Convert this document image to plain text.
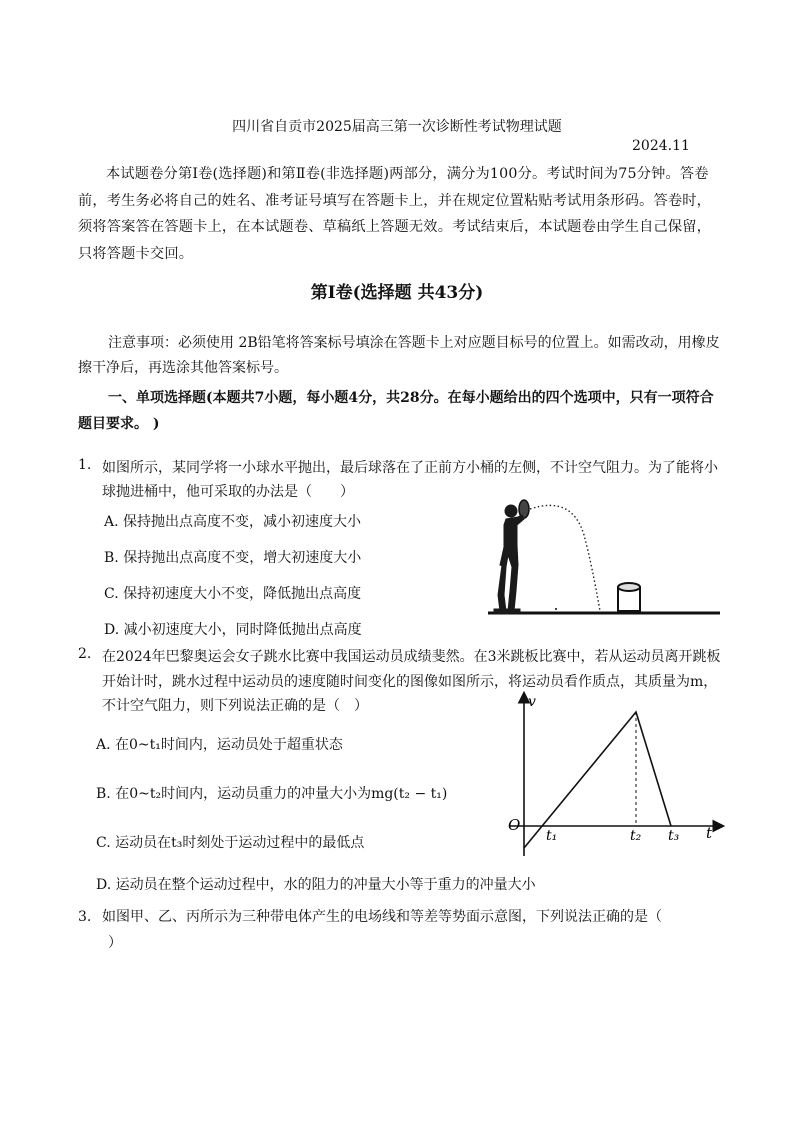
四川省自贡市2025届高三第一次诊断性考试物理试题
2024.11
本试题卷分第Ⅰ卷(选择题)和第Ⅱ卷(非选择题)两部分，满分为100分。考试时间为75分钟。答卷前，考生务必将自己的姓名、准考证号填写在答题卡上，并在规定位置粘贴考试用条形码。答卷时，须将答案答在答题卡上，在本试题卷、草稿纸上答题无效。考试结束后，本试题卷由学生自己保留，只将答题卡交回。
第Ⅰ卷(选择题 共43分)
注意事项：必须使用 2B铅笔将答案标号填涂在答题卡上对应题目标号的位置上。如需改动，用橡皮擦干净后，再选涂其他答案标号。
一、单项选择题(本题共7小题，每小题4分，共28分。在每小题给出的四个选项中，只有一项符合题目要求。 )
1. 如图所示，某同学将一小球水平抛出，最后球落在了正前方小桶的左侧，不计空气阻力。为了能将小球抛进桶中，他可采取的办法是（　　）
A. 保持抛出点高度不变，减小初速度大小
B. 保持抛出点高度不变，增大初速度大小
C. 保持初速度大小不变，降低抛出点高度
D. 减小初速度大小，同时降低抛出点高度
2. 在2024年巴黎奥运会女子跳水比赛中我国运动员成绩斐然。在3米跳板比赛中，若从运动员离开跳板开始计时，跳水过程中运动员的速度随时间变化的图像如图所示，将运动员看作质点，其质量为m，不计空气阻力，则下列说法正确的是（　）
A. 在0~t₁时间内，运动员处于超重状态
B. 在0~t₂时间内，运动员重力的冲量大小为mg(t₂ − t₁)
C. 运动员在t₃时刻处于运动过程中的最低点
D. 运动员在整个运动过程中，水的阻力的冲量大小等于重力的冲量大小
v
t
O
t₁	t₂ t₃
3. 如图甲、乙、丙所示为三种带电体产生的电场线和等差等势面示意图，下列说法正确的是（
）
